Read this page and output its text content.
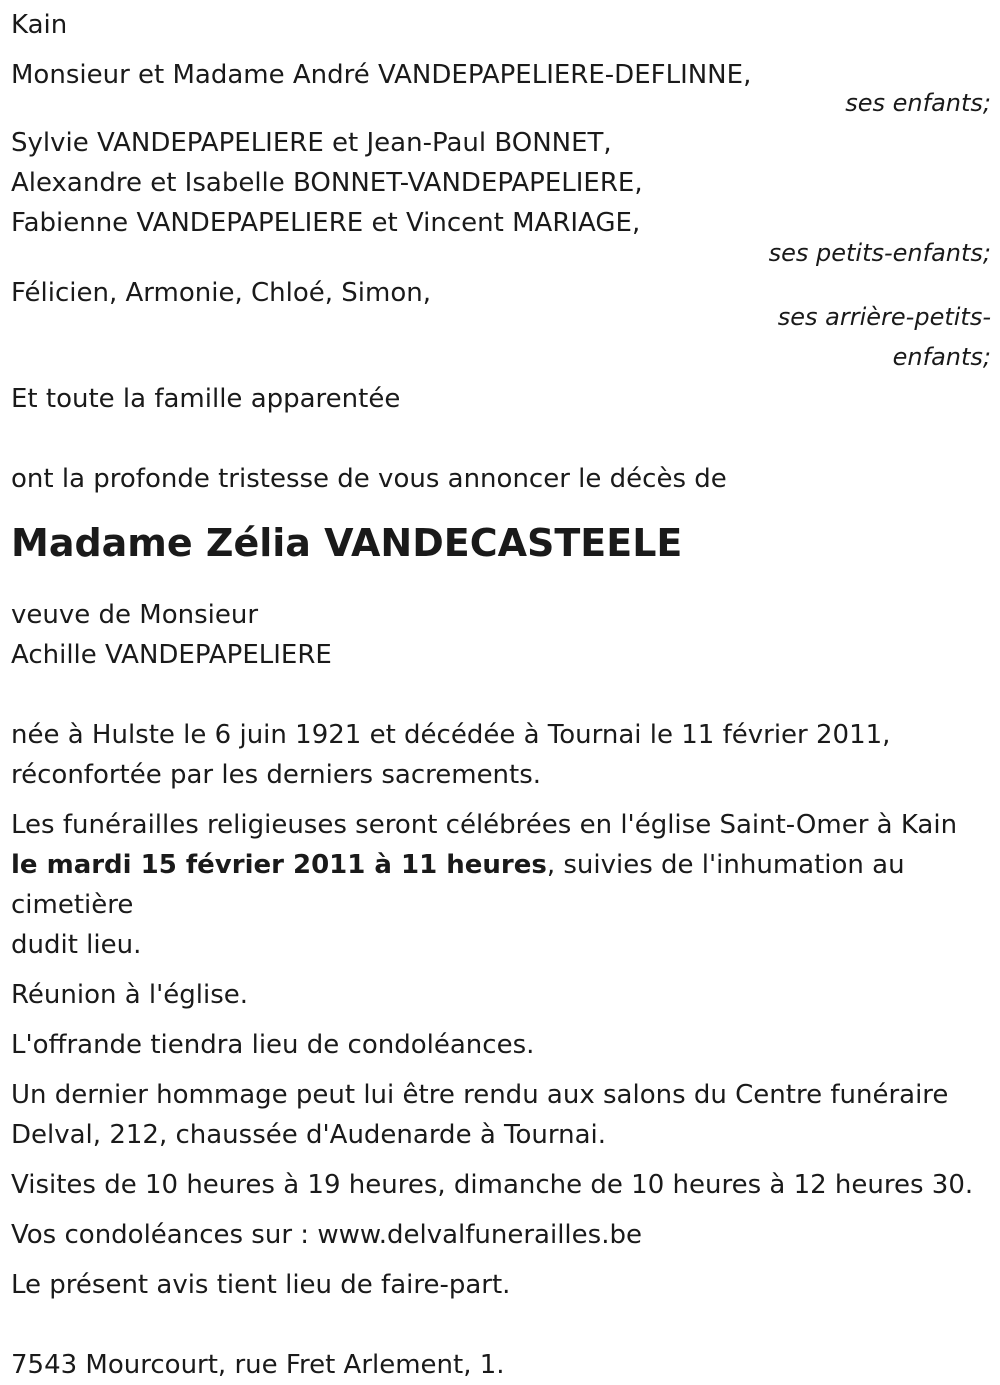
Kain

Monsieur et Madame André VANDEPAPELIERE-DEFLINNE,

ses enfants;

Sylvie VANDEPAPELIERE et Jean-Paul BONNET,

Alexandre et Isabelle BONNET-VANDEPAPELIERE,

Fabienne VANDEPAPELIERE et Vincent MARIAGE,

ses petits-enfants;

Félicien, Armonie, Chloé, Simon,

ses arrière-petits-

enfants;

Et toute la famille apparentée

ont la profonde tristesse de vous annoncer le décès de

Madame Zélia VANDECASTEELE

veuve de Monsieur

Achille VANDEPAPELIERE

née à Hulste le 6 juin 1921 et décédée à Tournai le 11 février 2011,

réconfortée par les derniers sacrements.

Les funérailles religieuses seront célébrées en l'église Saint-Omer à Kain

le mardi 15 février 2011 à 11 heures, suivies de l'inhumation au cimetière

dudit lieu.

Réunion à l'église.

L'offrande tiendra lieu de condoléances.

Un dernier hommage peut lui être rendu aux salons du Centre funéraire

Delval, 212, chaussée d'Audenarde à Tournai.

Visites de 10 heures à 19 heures, dimanche de 10 heures à 12 heures 30.

Vos condoléances sur : www.delvalfunerailles.be

Le présent avis tient lieu de faire-part.

7543 Mourcourt, rue Fret Arlement, 1.
